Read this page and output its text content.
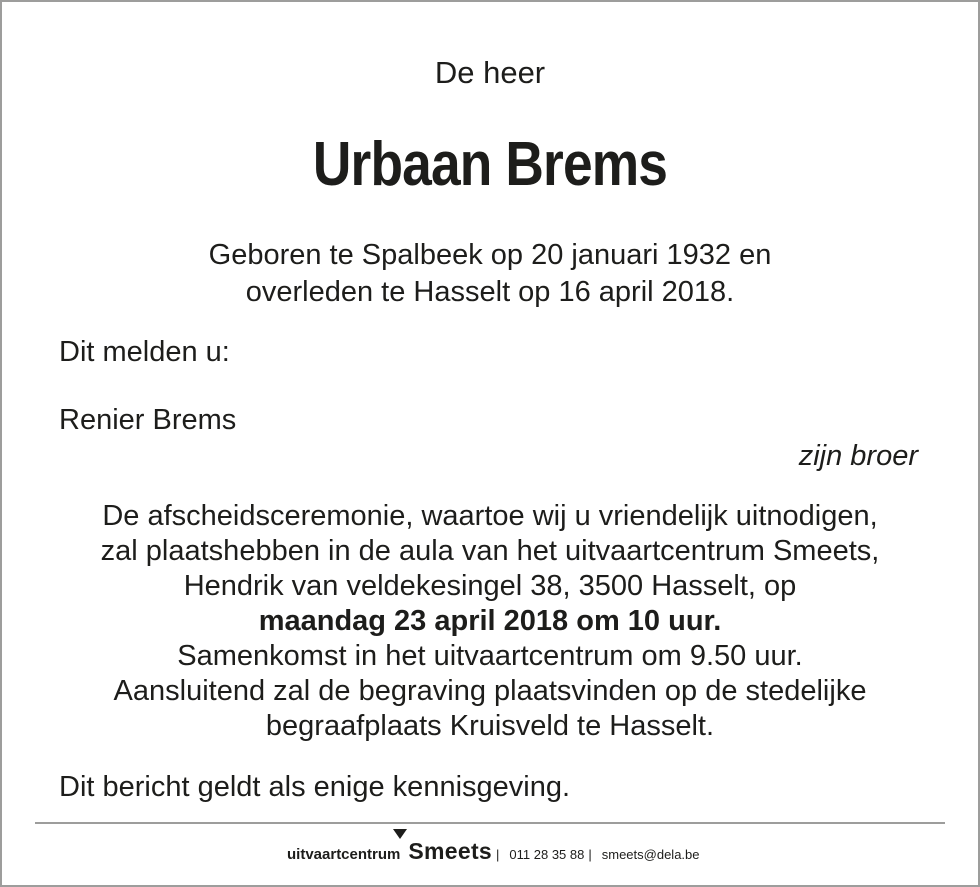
De heer
Urbaan Brems
Geboren te Spalbeek op 20 januari 1932 en
overleden te Hasselt op 16 april 2018.
Dit melden u:
Renier Brems
zijn broer
De afscheidsceremonie, waartoe wij u vriendelijk uitnodigen,
zal plaatshebben in de aula van het uitvaartcentrum Smeets,
Hendrik van veldekesingel 38, 3500 Hasselt, op
maandag 23 april 2018 om 10 uur.
Samenkomst in het uitvaartcentrum om 9.50 uur.
Aansluitend zal de begraving plaatsvinden op de stedelijke
begraafplaats Kruisveld te Hasselt.
Dit bericht geldt als enige kennisgeving.
uitvaartcentrum Smeets | 011 28 35 88 | smeets@dela.be
